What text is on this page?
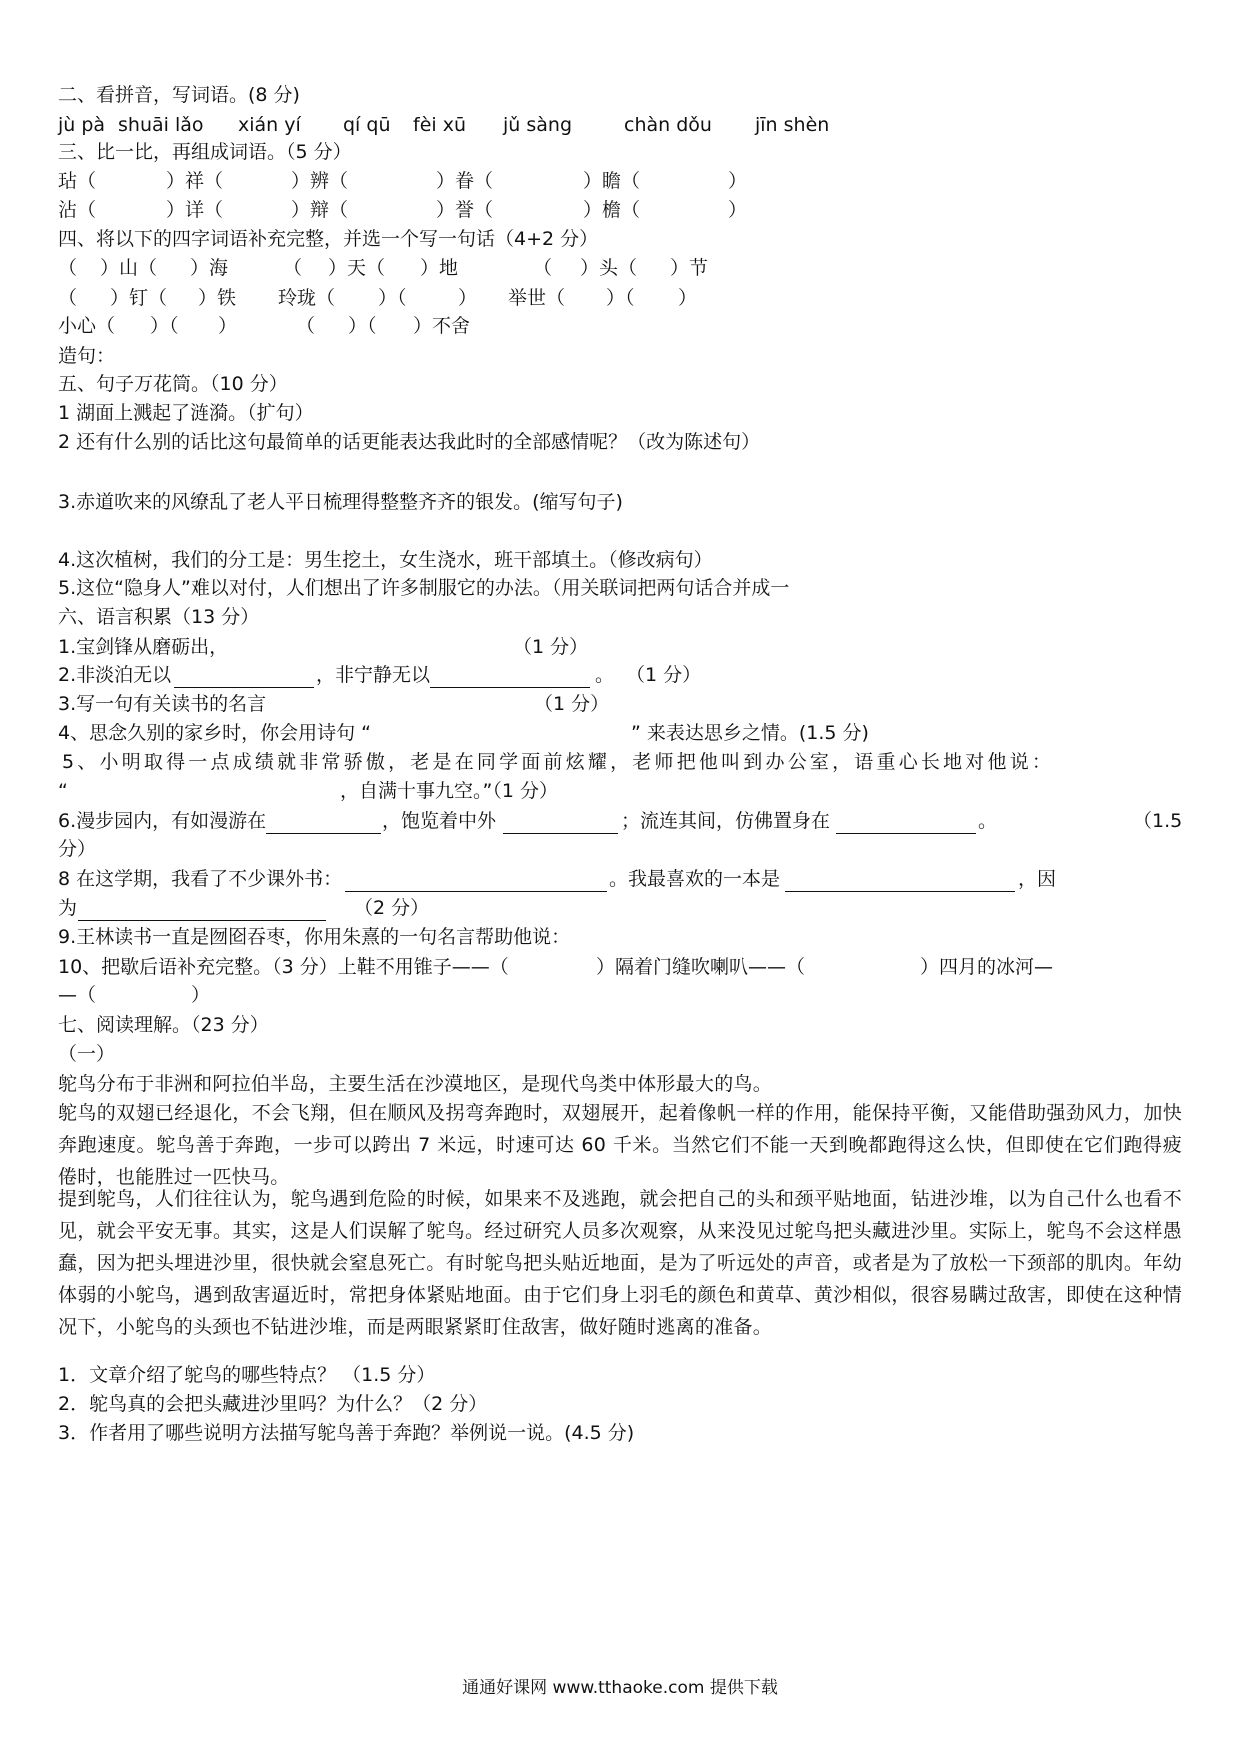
二、看拼音，写词语。(8 分)
jù pà shuāi lǎo xián yí qí qū fèi xū jǔ sàng	chàn dǒu jīn shèn
三、比一比，再组成词语。（5 分）
玷（	）祥（	）辨（	）眷（	）瞻（	）
沾（	）详（	）辩（	）誉（	）檐（	）
四、将以下的四字词语补充完整，并选一个写一句话（4+2 分）
（ ）山（ ）海	（ ）天（ ）地	（ ）头（ ）节
（ ）钉（ ）铁 玲珑（ ）（	） 举世（ ）（ ）
小心（ ）（ ）	（ ）（ ）不舍
造句：
五、句子万花筒。（10 分）
1 湖面上溅起了涟漪。（扩句）
2 还有什么别的话比这句最简单的话更能表达我此时的全部感情呢？（改为陈述句）
3.赤道吹来的风缭乱了老人平日梳理得整整齐齐的银发。(缩写句子)
4.这次植树，我们的分工是：男生挖土，女生浇水，班干部填土。（修改病句）
5.这位“隐身人”难以对付，人们想出了许多制服它的办法。（用关联词把两句话合并成一
六、语言积累（13 分）
1.宝剑锋从磨砺出，	（1 分）
2.非淡泊无以	，非宁静无以	。 （1 分）
3.写一句有关读书的名言	（1 分）
4、思念久别的家乡时，你会用诗句 “	” 来表达思乡之情。(1.5 分)
5、小明取得一点成绩就非常骄傲，老是在同学面前炫耀，老师把他叫到办公室，语重心长地对他说：
“	，自满十事九空。”（1 分）
6.漫步园内，有如漫游在	，饱览着中外	；流连其间，仿佛置身在	。	（1.5
分）
8 在这学期，我看了不少课外书：	。我最喜欢的一本是	，因
为	（2 分）
9.王林读书一直是囫囵吞枣，你用朱熹的一句名言帮助他说：
10、把歇后语补充完整。（3 分）上鞋不用锥子——（	）隔着门缝吹喇叭——（	）四月的冰河—
—（	）
七、阅读理解。（23 分）
（一）
鸵鸟分布于非洲和阿拉伯半岛，主要生活在沙漠地区，是现代鸟类中体形最大的鸟。
鸵鸟的双翅已经退化，不会飞翔，但在顺风及拐弯奔跑时，双翅展开，起着像帆一样的作用，能保持平衡，又能借助强劲风力，加快奔跑速度。鸵鸟善于奔跑，一步可以跨出 7 米远，时速可达 60 千米。当然它们不能一天到晚都跑得这么快，但即使在它们跑得疲倦时，也能胜过一匹快马。
提到鸵鸟，人们往往认为，鸵鸟遇到危险的时候，如果来不及逃跑，就会把自己的头和颈平贴地面，钻进沙堆，以为自己什么也看不见，就会平安无事。其实，这是人们误解了鸵鸟。经过研究人员多次观察，从来没见过鸵鸟把头藏进沙里。实际上，鸵鸟不会这样愚蠢，因为把头埋进沙里，很快就会窒息死亡。有时鸵鸟把头贴近地面，是为了听远处的声音，或者是为了放松一下颈部的肌肉。年幼体弱的小鸵鸟，遇到敌害逼近时，常把身体紧贴地面。由于它们身上羽毛的颜色和黄草、黄沙相似，很容易瞒过敌害，即使在这种情况下，小鸵鸟的头颈也不钻进沙堆，而是两眼紧紧盯住敌害，做好随时逃离的准备。
1．文章介绍了鸵鸟的哪些特点？ （1.5 分）
2．鸵鸟真的会把头藏进沙里吗？为什么？（2 分）
3．作者用了哪些说明方法描写鸵鸟善于奔跑？举例说一说。(4.5 分)
通通好课网 www.tthaoke.com 提供下载
